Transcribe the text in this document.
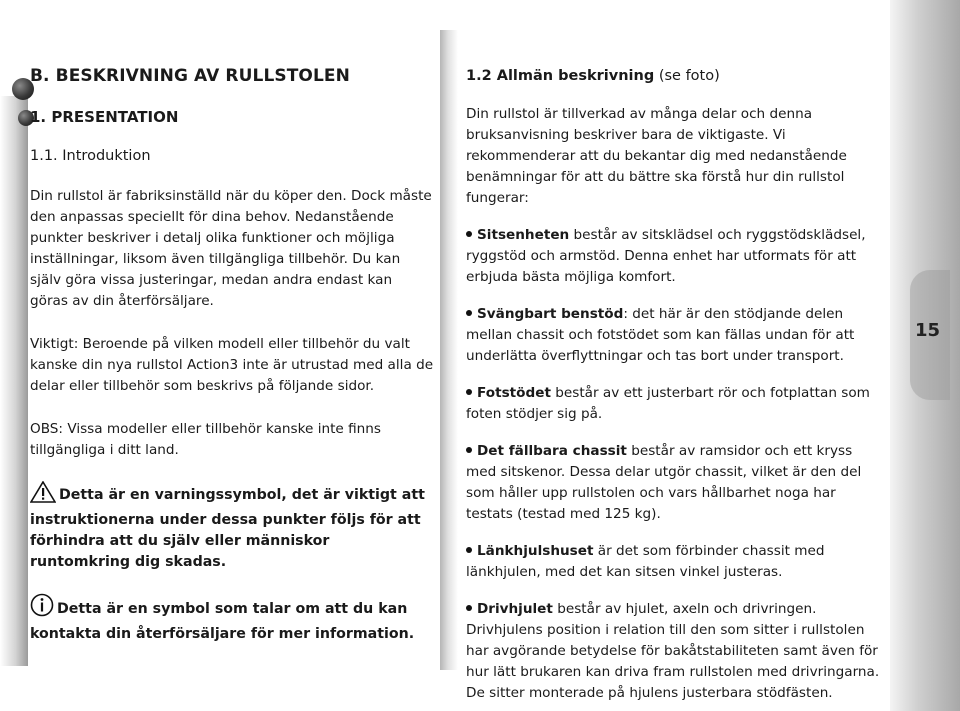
15
B. BESKRIVNING AV RULLSTOLEN
1. PRESENTATION
1.1. Introduktion

Din rullstol är fabriksinställd när du köper den. Dock måste den anpassas speciellt för dina behov. Nedanstående punkter beskriver i detalj olika funktioner och möjliga inställningar, liksom även tillgängliga tillbehör. Du kan själv göra vissa justeringar, medan andra endast kan göras av din återförsäljare.

Viktigt: Beroende på vilken modell eller tillbehör du valt kanske din nya rullstol Action3 inte är utrustad med alla de delar eller tillbehör som beskrivs på följande sidor.

OBS: Vissa modeller eller tillbehör kanske inte finns tillgängliga i ditt land.

Detta är en varningssymbol, det är viktigt att instruktionerna under dessa punkter följs för att förhindra att du själv eller människor runtomkring dig skadas.

Detta är en symbol som talar om att du kan kontakta din återförsäljare för mer information.

1.2 Allmän beskrivning (se foto)

Din rullstol är tillverkad av många delar och denna bruksanvisning beskriver bara de viktigaste. Vi rekommenderar att du bekantar dig med nedanstående benämningar för att du bättre ska förstå hur din rullstol fungerar:

Sitsenheten består av sitsklädsel och ryggstödsklädsel, ryggstöd och armstöd. Denna enhet har utformats för att erbjuda bästa möjliga komfort.

Svängbart benstöd: det här är den stödjande delen mellan chassit och fotstödet som kan fällas undan för att underlätta överflyttningar och tas bort under transport.

Fotstödet består av ett justerbart rör och fotplattan som foten stödjer sig på.

Det fällbara chassit består av ramsidor och ett kryss med sitskenor. Dessa delar utgör chassit, vilket är den del som håller upp rullstolen och vars hållbarhet noga har testats (testad med 125 kg).

Länkhjulshuset är det som förbinder chassit med länkhjulen, med det kan sitsen vinkel justeras.

Drivhjulet består av hjulet, axeln och drivringen. Drivhjulens position i relation till den som sitter i rullstolen har avgörande betydelse för bakåtstabiliteten samt även för hur lätt brukaren kan driva fram rullstolen med drivringarna. De sitter monterade på hjulens justerbara stödfästen.
